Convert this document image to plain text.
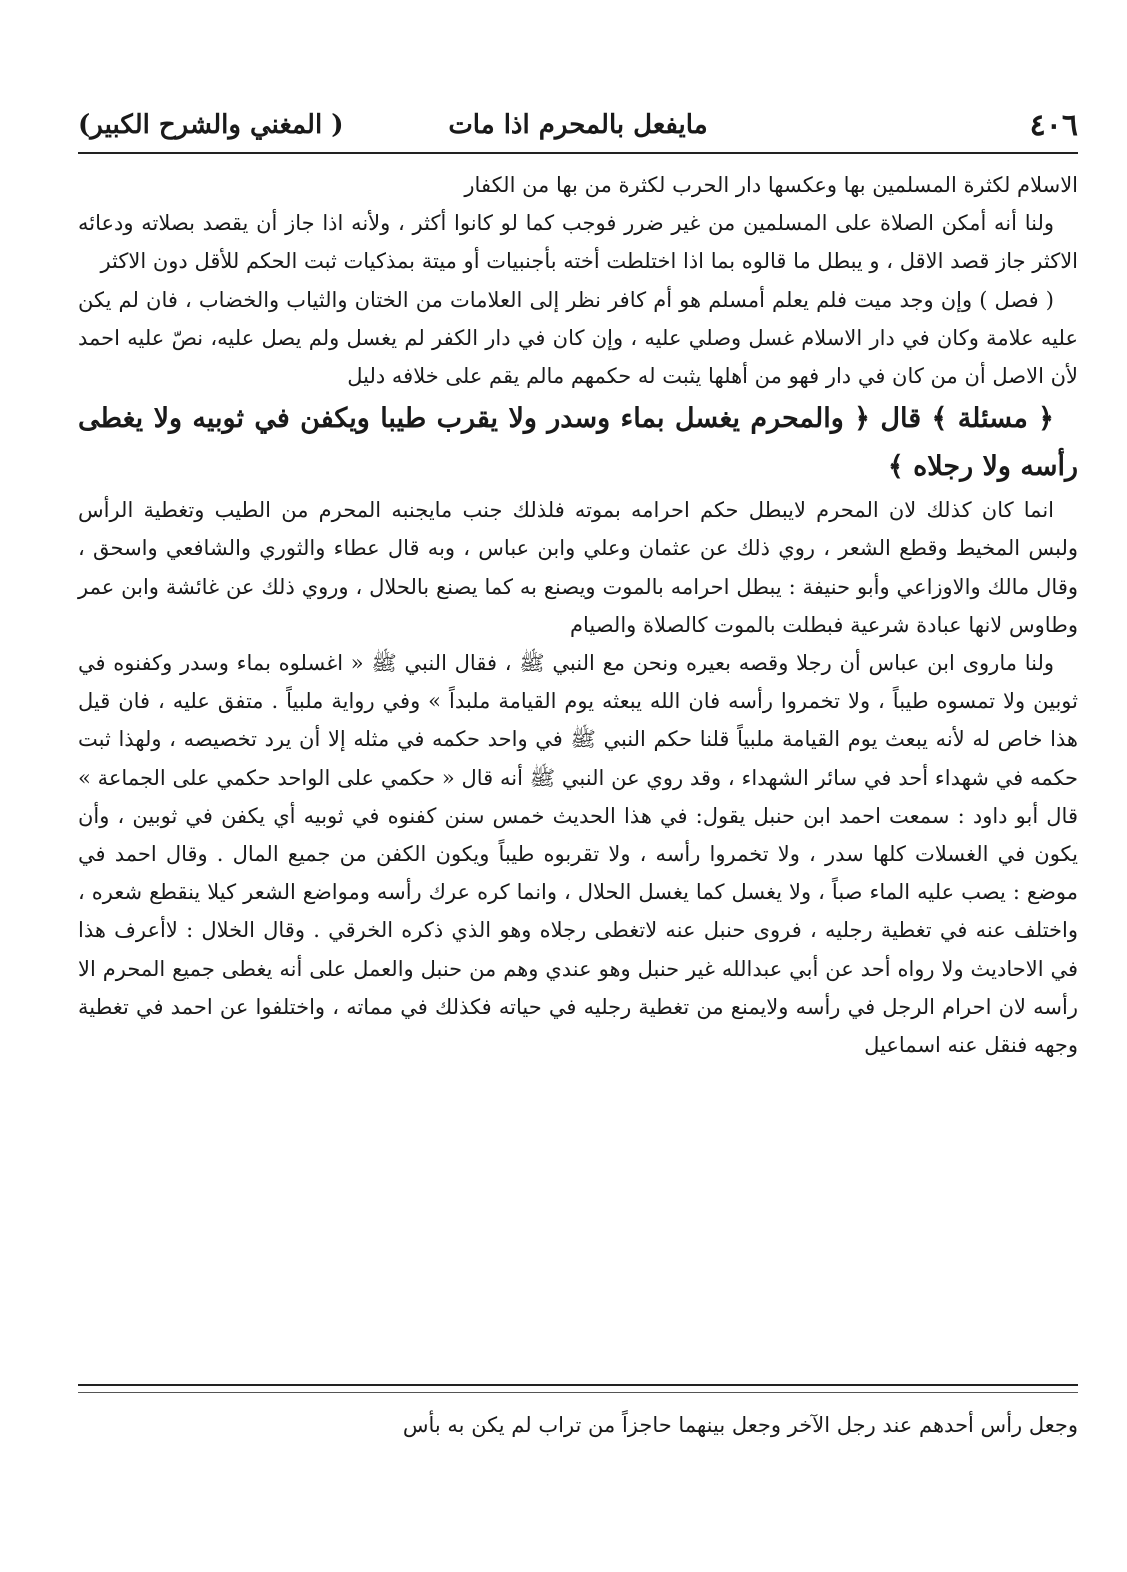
( المغني والشرح الكبير)	مايفعل بالمحرم اذا مات	٤٠٦

الاسلام لكثرة المسلمين بها وعكسها دار الحرب لكثرة من بها من الكفار

ولنا أنه أمكن الصلاة على المسلمين من غير ضرر فوجب كما لو كانوا أكثر ، ولأنه اذا جاز أن يقصد بصلاته ودعائه الاكثر جاز قصد الاقل ، و يبطل ما قالوه بما اذا اختلطت أخته بأجنبيات أو ميتة بمذكيات ثبت الحكم للأقل دون الاكثر

( فصل ) وإن وجد ميت فلم يعلم أمسلم هو أم كافر نظر إلى العلامات من الختان والثياب والخضاب ، فان لم يكن عليه علامة وكان في دار الاسلام غسل وصلي عليه ، وإن كان في دار الكفر لم يغسل ولم يصل عليه، نصّ عليه احمد لأن الاصل أن من كان في دار فهو من أهلها يثبت له حكمهم مالم يقم على خلافه دليل

﴿ مسئلة ﴾ قال ﴿ والمحرم يغسل بماء وسدر ولا يقرب طيبا ويكفن في ثوبيه ولا يغطى رأسه ولا رجلاه ﴾

انما كان كذلك لان المحرم لايبطل حكم احرامه بموته فلذلك جنب مايجنبه المحرم من الطيب وتغطية الرأس ولبس المخيط وقطع الشعر ، روي ذلك عن عثمان وعلي وابن عباس ، وبه قال عطاء والثوري والشافعي واسحق ، وقال مالك والاوزاعي وأبو حنيفة : يبطل احرامه بالموت ويصنع به كما يصنع بالحلال ، وروي ذلك عن غائشة وابن عمر وطاوس لانها عبادة شرعية فبطلت بالموت كالصلاة والصيام

ولنا ماروى ابن عباس أن رجلا وقصه بعيره ونحن مع النبي ﷺ ، فقال النبي ﷺ « اغسلوه بماء وسدر وكفنوه في ثوبين ولا تمسوه طيباً ، ولا تخمروا رأسه فان الله يبعثه يوم القيامة ملبداً » وفي رواية ملبياً . متفق عليه ، فان قيل هذا خاص له لأنه يبعث يوم القيامة ملبياً قلنا حكم النبي ﷺ في واحد حكمه في مثله إلا أن يرد تخصيصه ، ولهذا ثبت حكمه في شهداء أحد في سائر الشهداء ، وقد روي عن النبي ﷺ أنه قال « حكمي على الواحد حكمي على الجماعة » قال أبو داود : سمعت احمد ابن حنبل يقول: في هذا الحديث خمس سنن كفنوه في ثوبيه أي يكفن في ثوبين ، وأن يكون في الغسلات كلها سدر ، ولا تخمروا رأسه ، ولا تقربوه طيباً ويكون الكفن من جميع المال . وقال احمد في موضع : يصب عليه الماء صباً ، ولا يغسل كما يغسل الحلال ، وانما كره عرك رأسه ومواضع الشعر كيلا ينقطع شعره ، واختلف عنه في تغطية رجليه ، فروى حنبل عنه لاتغطى رجلاه وهو الذي ذكره الخرقي . وقال الخلال : لاأعرف هذا في الاحاديث ولا رواه أحد عن أبي عبدالله غير حنبل وهو عندي وهم من حنبل والعمل على أنه يغطى جميع المحرم الا رأسه لان احرام الرجل في رأسه ولايمنع من تغطية رجليه في حياته فكذلك في مماته ، واختلفوا عن احمد في تغطية وجهه فنقل عنه اسماعيل

وجعل رأس أحدهم عند رجل الآخر وجعل بينهما حاجزاً من تراب لم يكن به بأس
